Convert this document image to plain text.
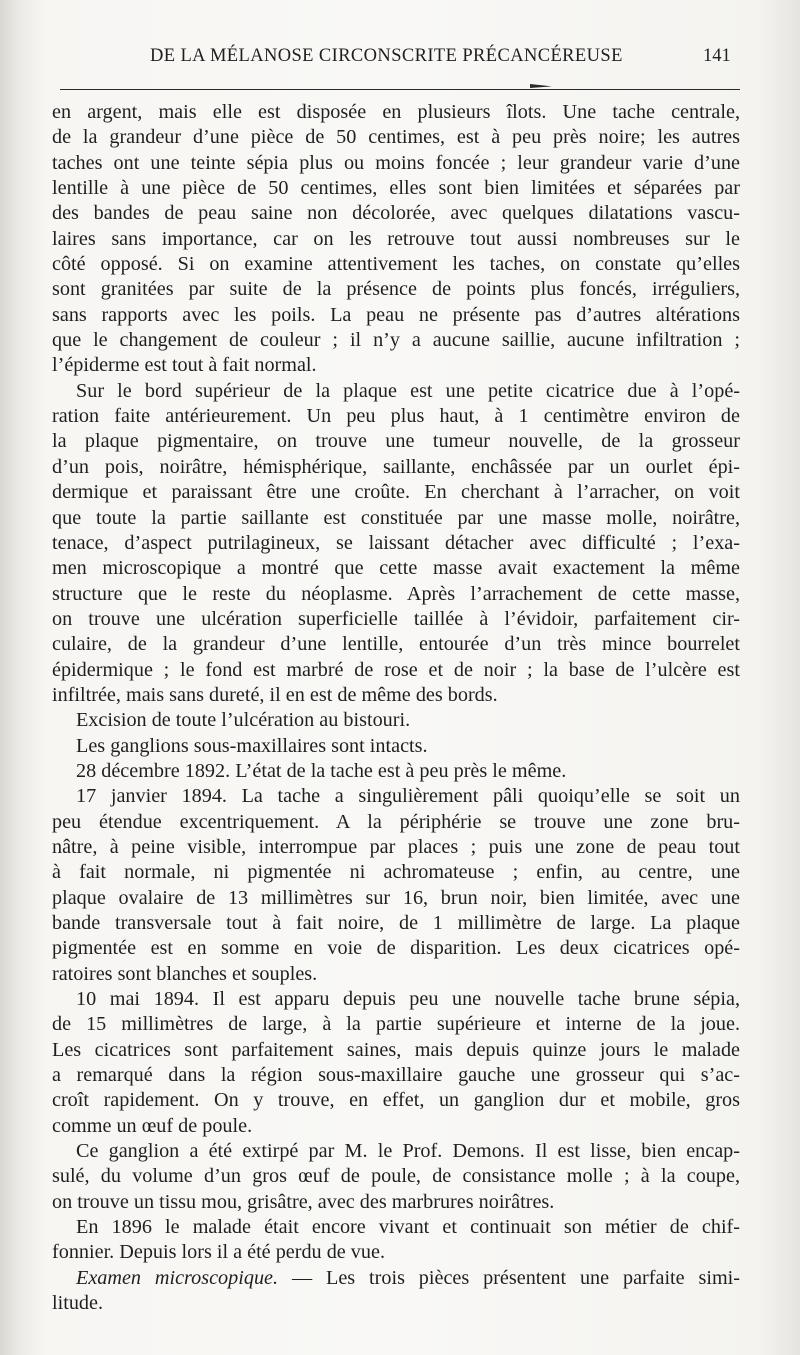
DE LA MÉLANOSE CIRCONSCRITE PRÉCANCÉREUSE	141
en argent, mais elle est disposée en plusieurs îlots. Une tache centrale,
de la grandeur d’une pièce de 50 centimes, est à peu près noire; les autres
taches ont une teinte sépia plus ou moins foncée ; leur grandeur varie d’une
lentille à une pièce de 50 centimes, elles sont bien limitées et séparées par
des bandes de peau saine non décolorée, avec quelques dilatations vascu-
laires sans importance, car on les retrouve tout aussi nombreuses sur le
côté opposé. Si on examine attentivement les taches, on constate qu’elles
sont granitées par suite de la présence de points plus foncés, irréguliers,
sans rapports avec les poils. La peau ne présente pas d’autres altérations
que le changement de couleur ; il n’y a aucune saillie, aucune infiltration ;
l’épiderme est tout à fait normal.
Sur le bord supérieur de la plaque est une petite cicatrice due à l’opé-
ration faite antérieurement. Un peu plus haut, à 1 centimètre environ de
la plaque pigmentaire, on trouve une tumeur nouvelle, de la grosseur
d’un pois, noirâtre, hémisphérique, saillante, enchâssée par un ourlet épi-
dermique et paraissant être une croûte. En cherchant à l’arracher, on voit
que toute la partie saillante est constituée par une masse molle, noirâtre,
tenace, d’aspect putrilagineux, se laissant détacher avec difficulté ; l’exa-
men microscopique a montré que cette masse avait exactement la même
structure que le reste du néoplasme. Après l’arrachement de cette masse,
on trouve une ulcération superficielle taillée à l’évidoir, parfaitement cir-
culaire, de la grandeur d’une lentille, entourée d’un très mince bourrelet
épidermique ; le fond est marbré de rose et de noir ; la base de l’ulcère est
infiltrée, mais sans dureté, il en est de même des bords.
Excision de toute l’ulcération au bistouri.
Les ganglions sous-maxillaires sont intacts.
28 décembre 1892. L’état de la tache est à peu près le même.
17 janvier 1894. La tache a singulièrement pâli quoiqu’elle se soit un
peu étendue excentriquement. A la périphérie se trouve une zone bru-
nâtre, à peine visible, interrompue par places ; puis une zone de peau tout
à fait normale, ni pigmentée ni achromateuse ; enfin, au centre, une
plaque ovalaire de 13 millimètres sur 16, brun noir, bien limitée, avec une
bande transversale tout à fait noire, de 1 millimètre de large. La plaque
pigmentée est en somme en voie de disparition. Les deux cicatrices opé-
ratoires sont blanches et souples.
10 mai 1894. Il est apparu depuis peu une nouvelle tache brune sépia,
de 15 millimètres de large, à la partie supérieure et interne de la joue.
Les cicatrices sont parfaitement saines, mais depuis quinze jours le malade
a remarqué dans la région sous-maxillaire gauche une grosseur qui s’ac-
croît rapidement. On y trouve, en effet, un ganglion dur et mobile, gros
comme un œuf de poule.
Ce ganglion a été extirpé par M. le Prof. Demons. Il est lisse, bien encap-
sulé, du volume d’un gros œuf de poule, de consistance molle ; à la coupe,
on trouve un tissu mou, grisâtre, avec des marbrures noirâtres.
En 1896 le malade était encore vivant et continuait son métier de chif-
fonnier. Depuis lors il a été perdu de vue.
Examen microscopique. — Les trois pièces présentent une parfaite simi-
litude.
